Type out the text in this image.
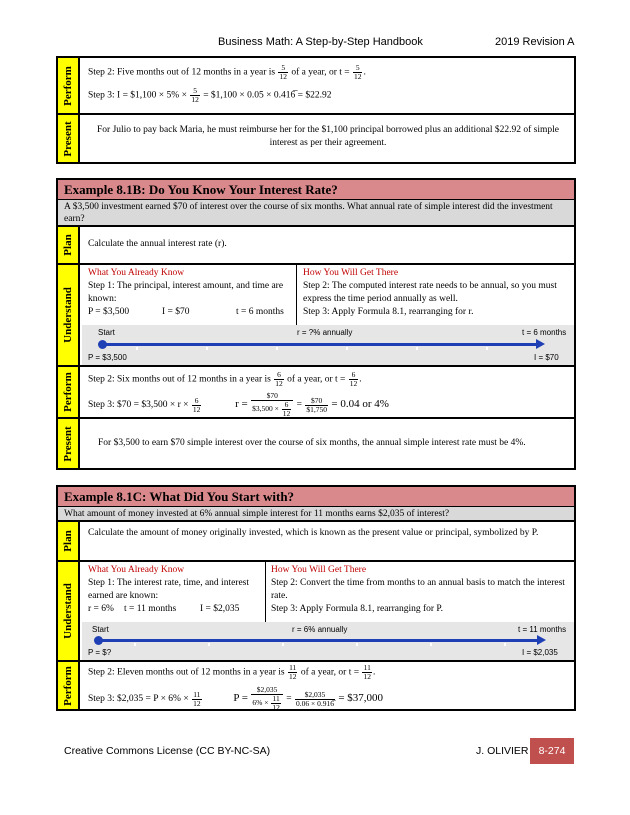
Business Math: A Step-by-Step Handbook	2019 Revision A
Perform Step 2: Five months out of 12 months in a year is $\frac{5}{12}$ of a year, or $t = \frac{5}{12}$ .
Step 3: I = $1,100 × $5\% \times \frac{5}{12}$ = $1,100 × 0.05 × 0.416̅ = $22.92
Present	For Julio to pay back Maria, he must reimburse her for the $1,100 principal borrowed plus an additional $22.92 of simple interest as per their agreement.
Example 8.1B: Do You Know Your Interest Rate?
A $3,500 investment earned $70 of interest over the course of six months. What annual rate of simple interest did the investment earn?
Plan Calculate the annual interest rate (r).
Understand
What You Already Know
Step 1: The principal, interest amount, and time are known:
P = $3,500	I = $70	t = 6 months
How You Will Get There
Step 2: The computed interest rate needs to be annual, so you must express the time period annually as well.
Step 3: Apply Formula 8.1, rearranging for r.
Start	r = ?% annually	t = 6 months
P = $3,500	I = $70
Perform Step 2: Six months out of 12 months in a year is $\frac{6}{12}$ of a year, or $t = \frac{6}{12}$ .
Step 3: $70 = $3,500 × $r \times \frac{6}{12}$	$r = \frac{\$70}{\$3,500 \times \frac{6}{12}} = \frac{\$70}{\$1,750} = 0.04$ or 4%
Present	For $3,500 to earn $70 simple interest over the course of six months, the annual simple interest rate must be 4%.
Example 8.1C: What Did You Start with?
What amount of money invested at 6% annual simple interest for 11 months earns $2,035 of interest?
Plan Calculate the amount of money originally invested, which is known as the present value or principal, symbolized by P.
Understand
What You Already Know
Step 1: The interest rate, time, and interest earned are known:
r = 6% t = 11 months	I = $2,035
How You Will Get There
Step 2: Convert the time from months to an annual basis to match the interest rate.
Step 3: Apply Formula 8.1, rearranging for P.
Start	r = 6% annually	t = 11 months
P = $?	I = $2,035
Perform Step 2: Eleven months out of 12 months in a year is $\frac{11}{12}$ of a year, or $t = \frac{11}{12}$ .
Step 3: $2,035 = $P \times 6\% \times \frac{11}{12}$	$P = \frac{\$2,035}{6\% \times \frac{11}{12}} = \frac{\$2,035}{0.06 \times 0.916̅}$ = $37,000
Creative Commons License (CC BY-NC-SA)	J. OLIVIER 8-274
